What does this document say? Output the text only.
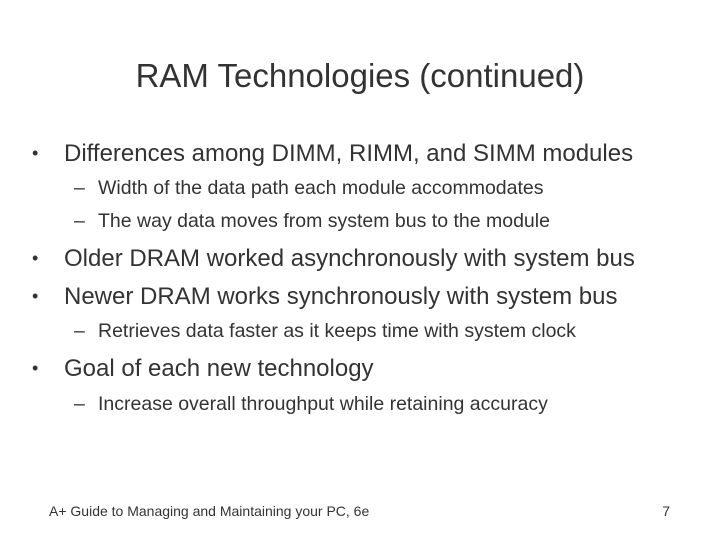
RAM Technologies (continued)
• Differences among DIMM, RIMM, and SIMM modules
– Width of the data path each module accommodates
– The way data moves from system bus to the module
• Older DRAM worked asynchronously with system bus
• Newer DRAM works synchronously with system bus
– Retrieves data faster as it keeps time with system clock
• Goal of each new technology
– Increase overall throughput while retaining accuracy
A+ Guide to Managing and Maintaining your PC, 6e	7
